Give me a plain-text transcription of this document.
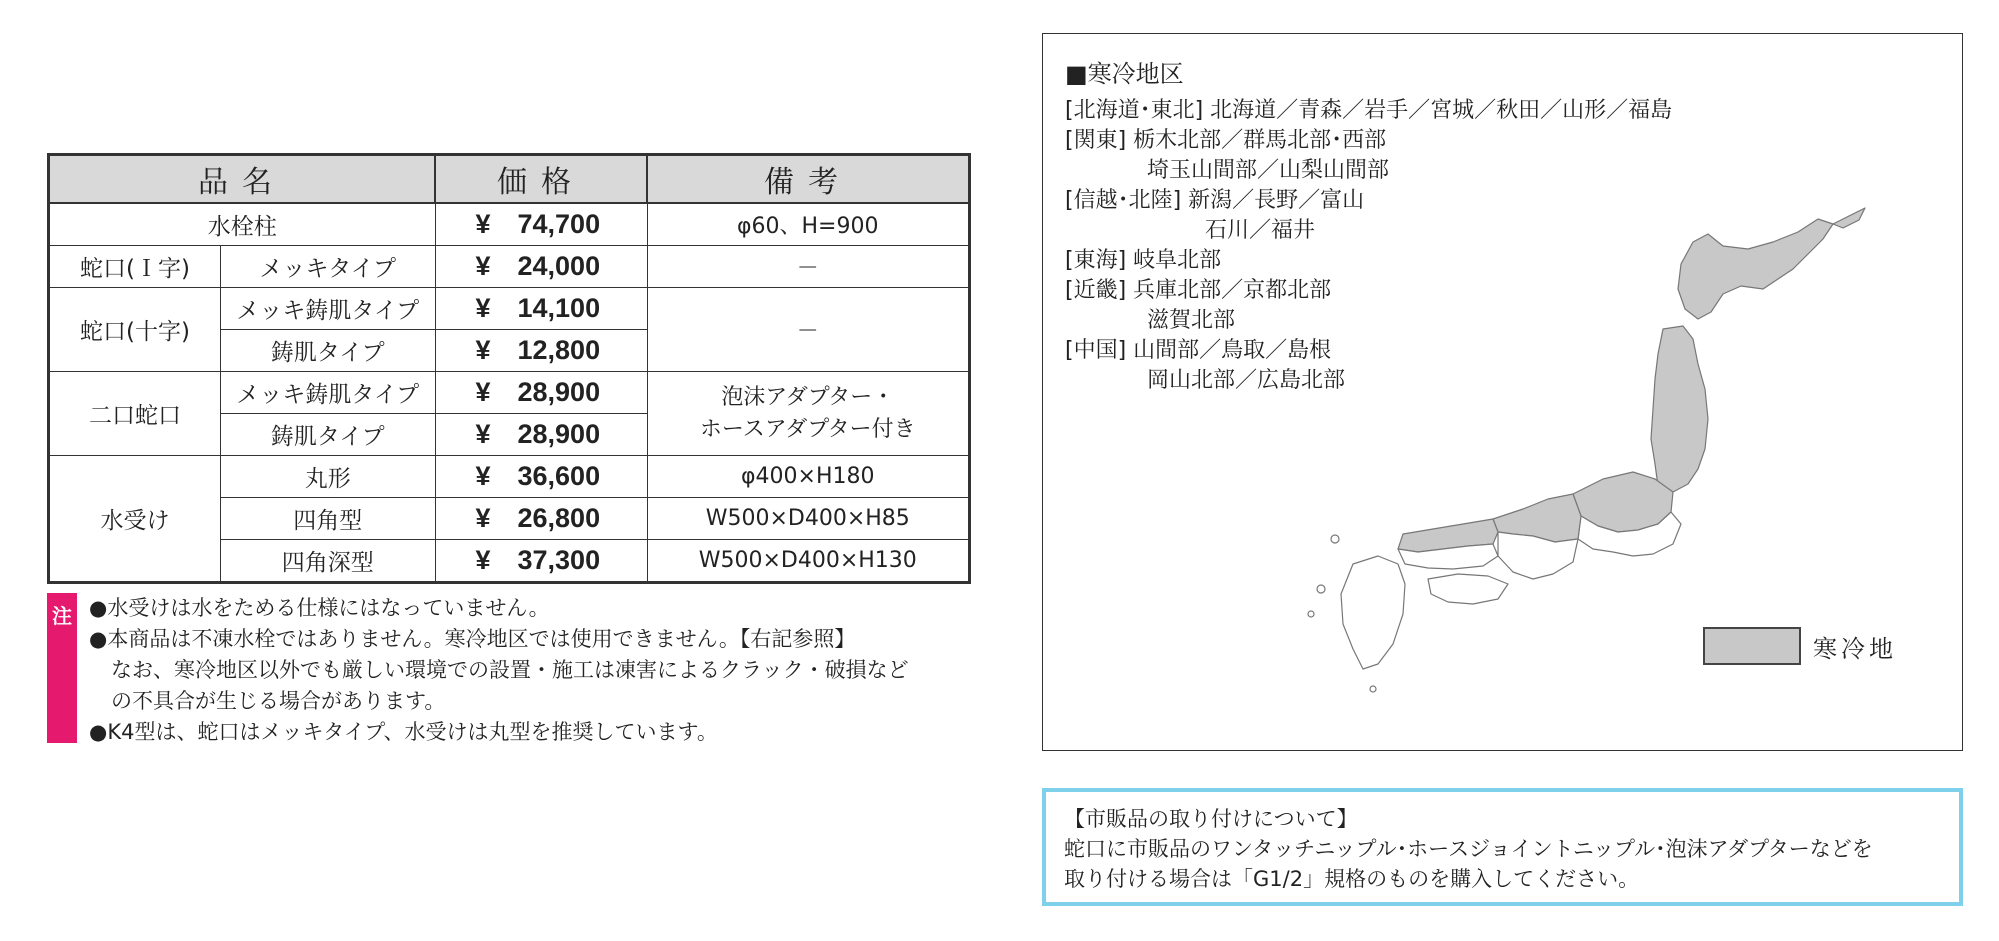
品名		価格	備考
水栓柱		¥ 74,700	φ60、H=900
蛇口(Ｉ字)	メッキタイプ	¥ 24,000	－
蛇口(十字)	メッキ鋳肌タイプ	¥ 14,100	－
	鋳肌タイプ	¥ 12,800	
二口蛇口	メッキ鋳肌タイプ	¥ 28,900	泡沫アダプター・
ホースアダプター付き

	鋳肌タイプ	¥ 28,900	
水受け	丸形	¥ 36,600	φ400×H180
	四角型	¥ 26,800	W500×D400×H85
	四角深型	¥ 37,300	W500×D400×H130
注 ●水受けは水をためる仕様にはなっていません。
●本商品は不凍水栓ではありません。寒冷地区では使用できません。【右記参照】
なお、寒冷地区以外でも厳しい環境での設置・施工は凍害によるクラック・破損など
の不具合が生じる場合があります。
●K4型は、蛇口はメッキタイプ、水受けは丸型を推奨しています。
■寒冷地区
[北海道･東北] 北海道／青森／岩手／宮城／秋田／山形／福島
[関東] 栃木北部／群馬北部･西部
埼玉山間部／山梨山間部
[信越･北陸] 新潟／長野／富山
石川／福井
[東海] 岐阜北部
[近畿] 兵庫北部／京都北部
滋賀北部
[中国] 山間部／鳥取／島根
岡山北部／広島北部
寒冷地
【市販品の取り付けについて】
蛇口に市販品のワンタッチニップル･ホースジョイントニップル･泡沫アダプターなどを
取り付ける場合は「G1/2」規格のものを購入してください。
